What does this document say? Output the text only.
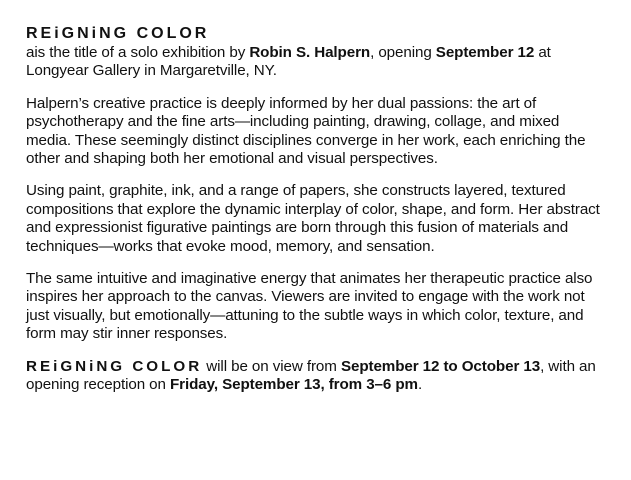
REiGNiNG COLOR

ais the title of a solo exhibition by Robin S. Halpern, opening September 12 at Longyear Gallery in Margaretville, NY.

Halpern’s creative practice is deeply informed by her dual passions: the art of psychotherapy and the fine arts—including painting, drawing, collage, and mixed media. These seemingly distinct disciplines converge in her work, each enriching the other and shaping both her emotional and visual perspectives.

Using paint, graphite, ink, and a range of papers, she constructs layered, textured compositions that explore the dynamic interplay of color, shape, and form. Her abstract and expressionist figurative paintings are born through this fusion of materials and techniques—works that evoke mood, memory, and sensation.

The same intuitive and imaginative energy that animates her therapeutic practice also inspires her approach to the canvas. Viewers are invited to engage with the work not just visually, but emotionally—attuning to the subtle ways in which color, texture, and form may stir inner responses.

REiGNiNG COLOR will be on view from September 12 to October 13, with an opening reception on Friday, September 13, from 3–6 pm.
